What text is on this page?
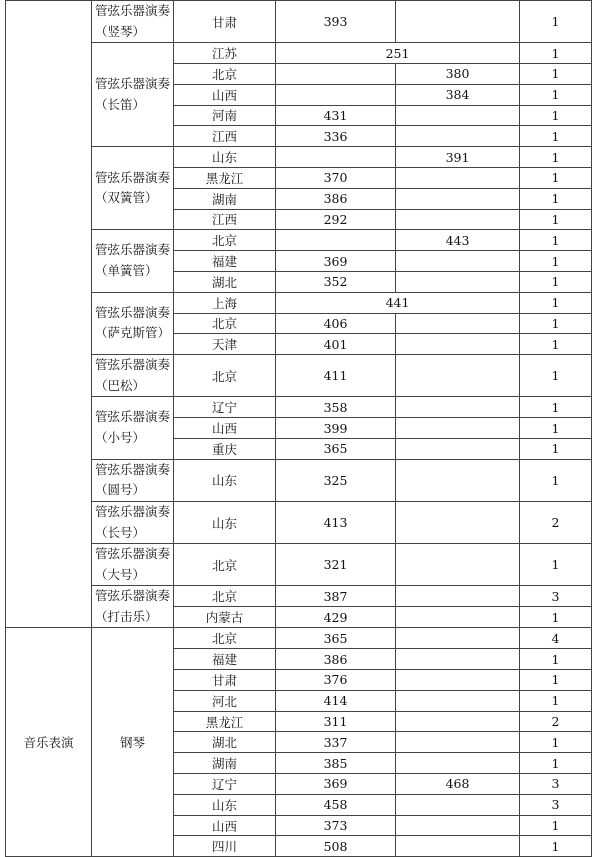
	管弦乐器演奏（竖琴）	甘肃	393		1
	管弦乐器演奏（长笛）	江苏	251		1
		北京		380	1
		山西		384	1
		河南	431		1
		江西	336		1
	管弦乐器演奏（双簧管）	山东		391	1
		黑龙江	370		1
		湖南	386		1
		江西	292		1
	管弦乐器演奏（单簧管）	北京		443	1
		福建	369		1
		湖北	352		1
	管弦乐器演奏（萨克斯管）	上海	441		1
		北京	406		1
		天津	401		1
	管弦乐器演奏（巴松）	北京	411		1
	管弦乐器演奏（小号）	辽宁	358		1
		山西	399		1
		重庆	365		1
	管弦乐器演奏（圆号）	山东	325		1
	管弦乐器演奏（长号）	山东	413		2
	管弦乐器演奏（大号）	北京	321		1
	管弦乐器演奏（打击乐）	北京	387		3
		内蒙古	429		1
音乐表演	钢琴	北京	365		4
		福建	386		1
		甘肃	376		1
		河北	414		1
		黑龙江	311		2
		湖北	337		1
		湖南	385		1
		辽宁	369	468	3
		山东	458		3
		山西	373		1
		四川	508		1
